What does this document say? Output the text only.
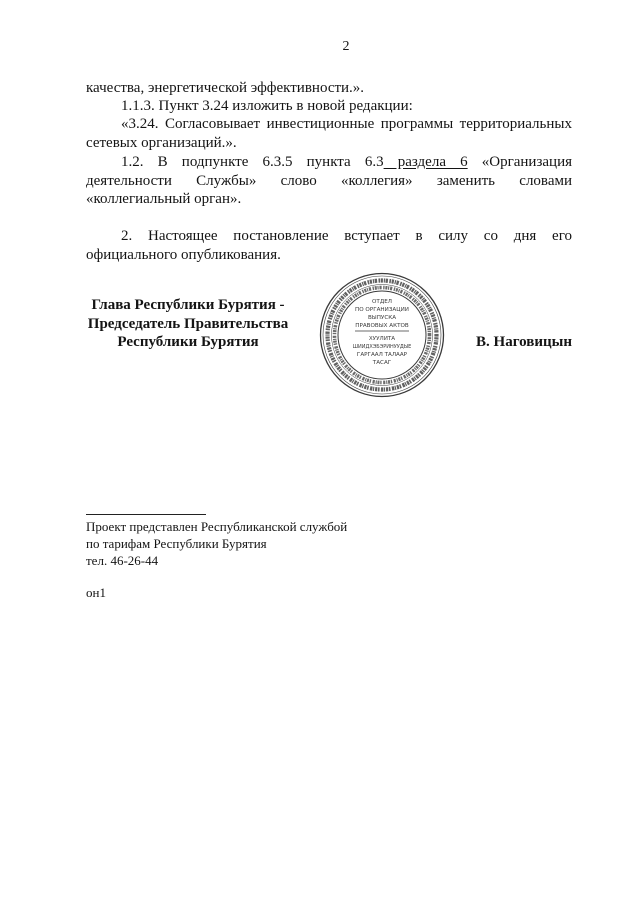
2
качества, энергетической эффективности.».
1.1.3. Пункт 3.24 изложить в новой редакции:
«3.24. Согласовывает инвестиционные программы территориальных
сетевых организаций.».
1.2. В подпункте 6.3.5 пункта 6.3 раздела 6 «Организация
деятельности Службы» слово «коллегия» заменить словами
«коллегиальный орган».
2. Настоящее постановление вступает в силу со дня его
официального опубликования.
Глава Республики Бурятия -
Председатель Правительства
Республики Бурятия	В. Наговицын
ОТДЕЛ
ПО ОРГАНИЗАЦИИ
ВЫПУСКА
ПРАВОВЫХ АКТОВ
ХУУЛИТА
ШИИДХЭБЭРИНУУДЫЕ
ГАРГААЛ ТАЛААР
ТАСАГ
Проект представлен Республиканской службой
по тарифам Республики Бурятия
тел. 46-26-44
он1
